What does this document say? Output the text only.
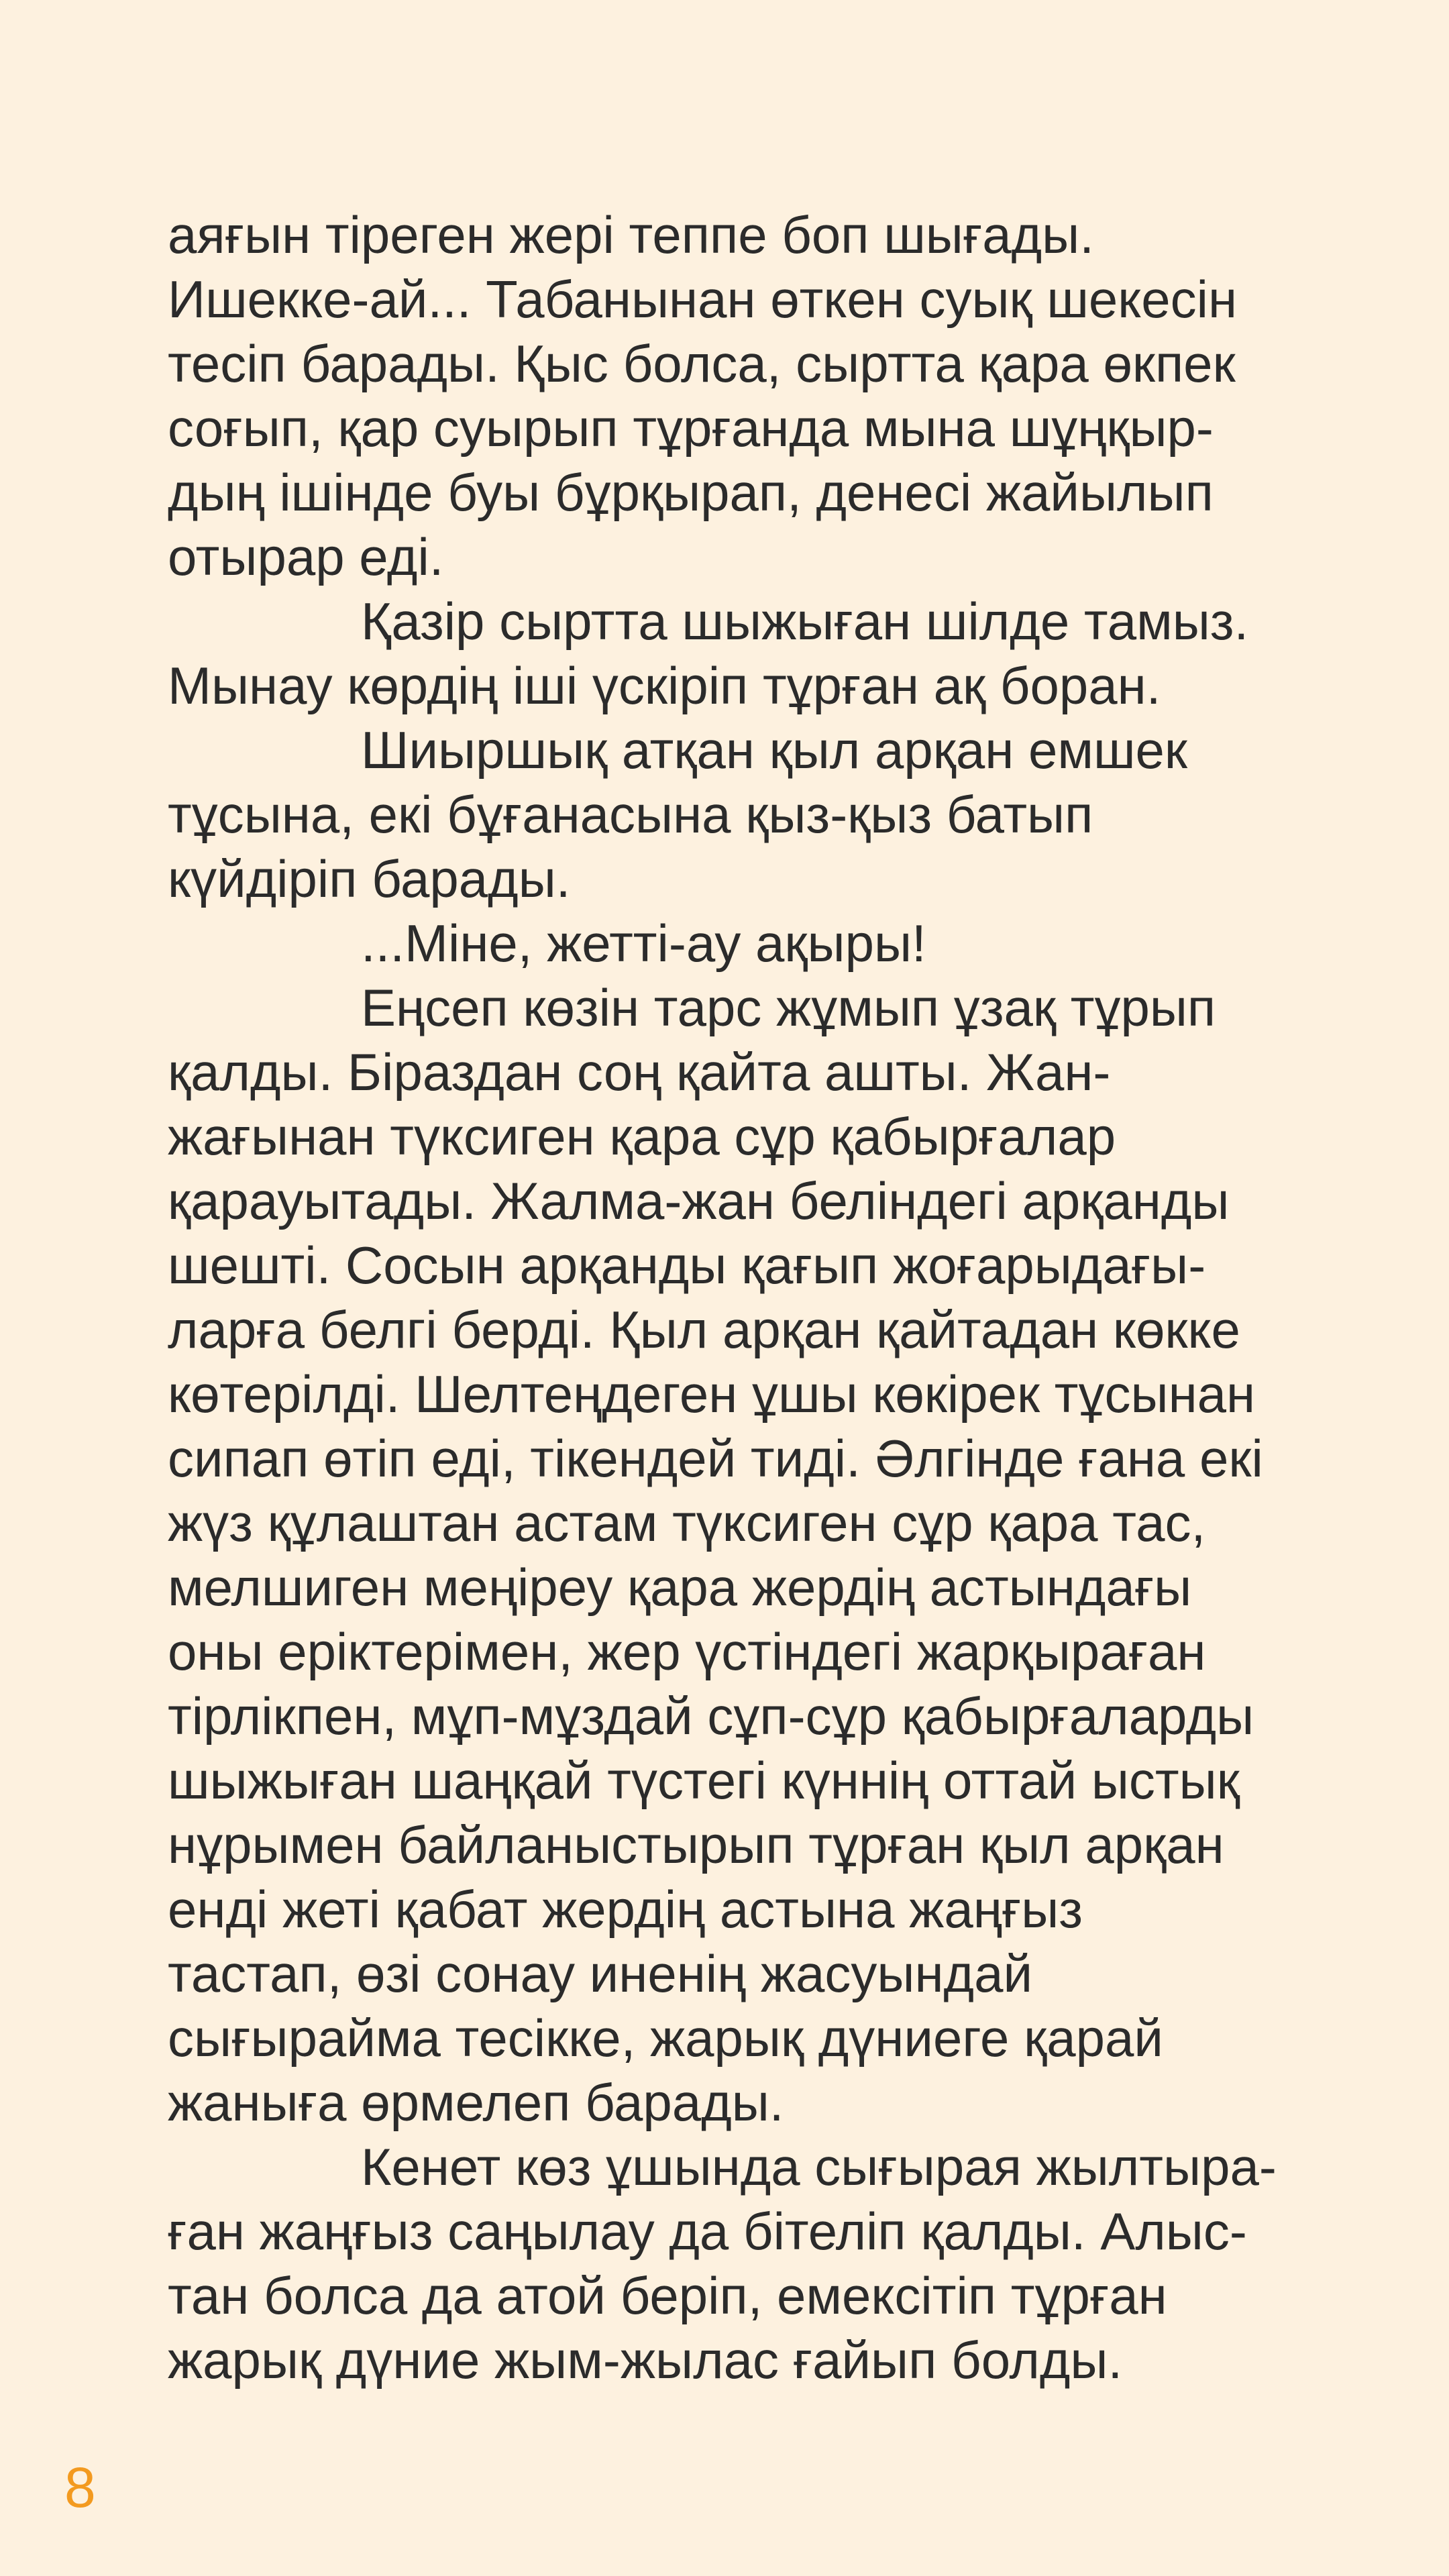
аяғын тіреген жері теппе боп шығады.
Ишекке-ай... Табанынан өткен суық шекесін
тесіп барады. Қыс болса, сыртта қара өкпек
соғып, қар суырып тұрғанда мына шұңқыр-
дың ішінде буы бұрқырап, денесі жайылып
отырар еді.
Қазір сыртта шыжыған шілде тамыз.
Мынау көрдің іші үскіріп тұрған ақ боран.
Шиыршық атқан қыл арқан емшек
тұсына, екі бұғанасына қыз-қыз батып
күйдіріп барады.
...Міне, жетті-ау ақыры!
Еңсеп көзін тарс жұмып ұзақ тұрып
қалды. Біраздан соң қайта ашты. Жан-
жағынан түксиген қара сұр қабырғалар
қарауытады. Жалма-жан беліндегі арқанды
шешті. Сосын арқанды қағып жоғарыдағы-
ларға белгі берді. Қыл арқан қайтадан көкке
көтерілді. Шелтеңдеген ұшы көкірек тұсынан
сипап өтіп еді, тікендей тиді. Әлгінде ғана екі
жүз құлаштан астам түксиген сұр қара тас,
мелшиген меңіреу қара жердің астындағы
оны еріктерімен, жер үстіндегі жарқыраған
тірлікпен, мұп-мұздай сұп-сұр қабырғаларды
шыжыған шаңқай түстегі күннің оттай ыстық
нұрымен байланыстырып тұрған қыл арқан
енді жеті қабат жердің астына жаңғыз
тастап, өзі сонау иненің жасуындай
сығырайма тесікке, жарық дүниеге қарай
жаныға өрмелеп барады.
Кенет көз ұшында сығырая жылтыра-
ған жаңғыз саңылау да бітеліп қалды. Алыс-
тан болса да атой беріп, емексітіп тұрған
жарық дүние жым-жылас ғайып болды.
8
